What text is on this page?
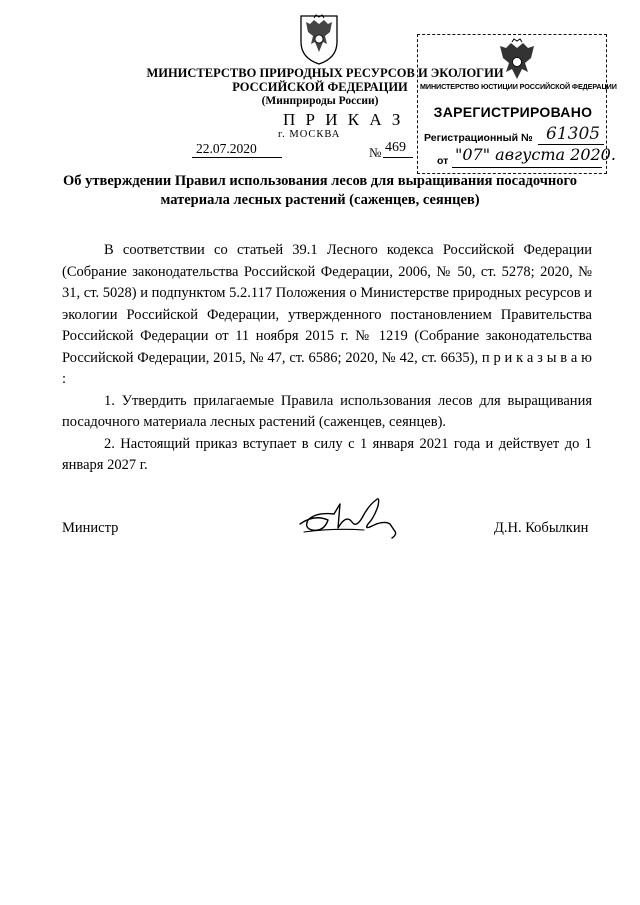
МИНИСТЕРСТВО ПРИРОДНЫХ РЕСУРСОВ И ЭКОЛОГИИ
РОССИЙСКОЙ ФЕДЕРАЦИИ
(Минприроды России)
П Р И К А З
г. МОСКВА
22.07.2020	№ 469
МИНИСТЕРСТВО ЮСТИЦИИ РОССИЙСКОЙ ФЕДЕРАЦИИ
ЗАРЕГИСТРИРОВАНО
Регистрационный № 61305
от "07" августа 2020.
Об утверждении Правил использования лесов для выращивания посадочного материала лесных растений (саженцев, сеянцев)

В соответствии со статьей 39.1 Лесного кодекса Российской Федерации (Собрание законодательства Российской Федерации, 2006, № 50, ст. 5278; 2020, № 31, ст. 5028) и подпунктом 5.2.117 Положения о Министерстве природных ресурсов и экологии Российской Федерации, утвержденного постановлением Правительства Российской Федерации от 11 ноября 2015 г. № 1219 (Собрание законодательства Российской Федерации, 2015, № 47, ст. 6586; 2020, № 42, ст. 6635), п р и к а з ы в а ю :

1. Утвердить прилагаемые Правила использования лесов для выращивания посадочного материала лесных растений (саженцев, сеянцев).

2. Настоящий приказ вступает в силу с 1 января 2021 года и действует до 1 января 2027 г.

Министр	Д.Н. Кобылкин
